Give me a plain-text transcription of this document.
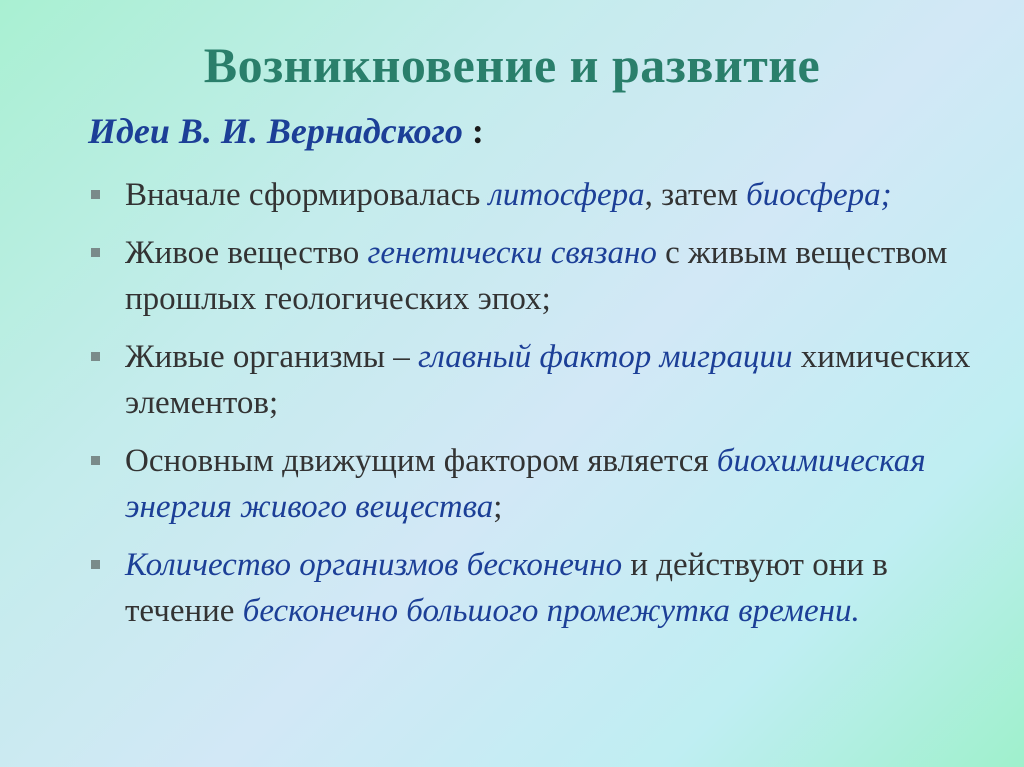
Возникновение и развитие
Идеи В. И. Вернадского :
Вначале сформировалась литосфера, затем биосфера;
Живое вещество генетически связано с живым веществом прошлых геологических эпох;
Живые организмы – главный фактор миграции химических элементов;
Основным движущим фактором является биохимическая энергия живого вещества;
Количество организмов бесконечно и действуют они в течение бесконечно большого промежутка времени.
